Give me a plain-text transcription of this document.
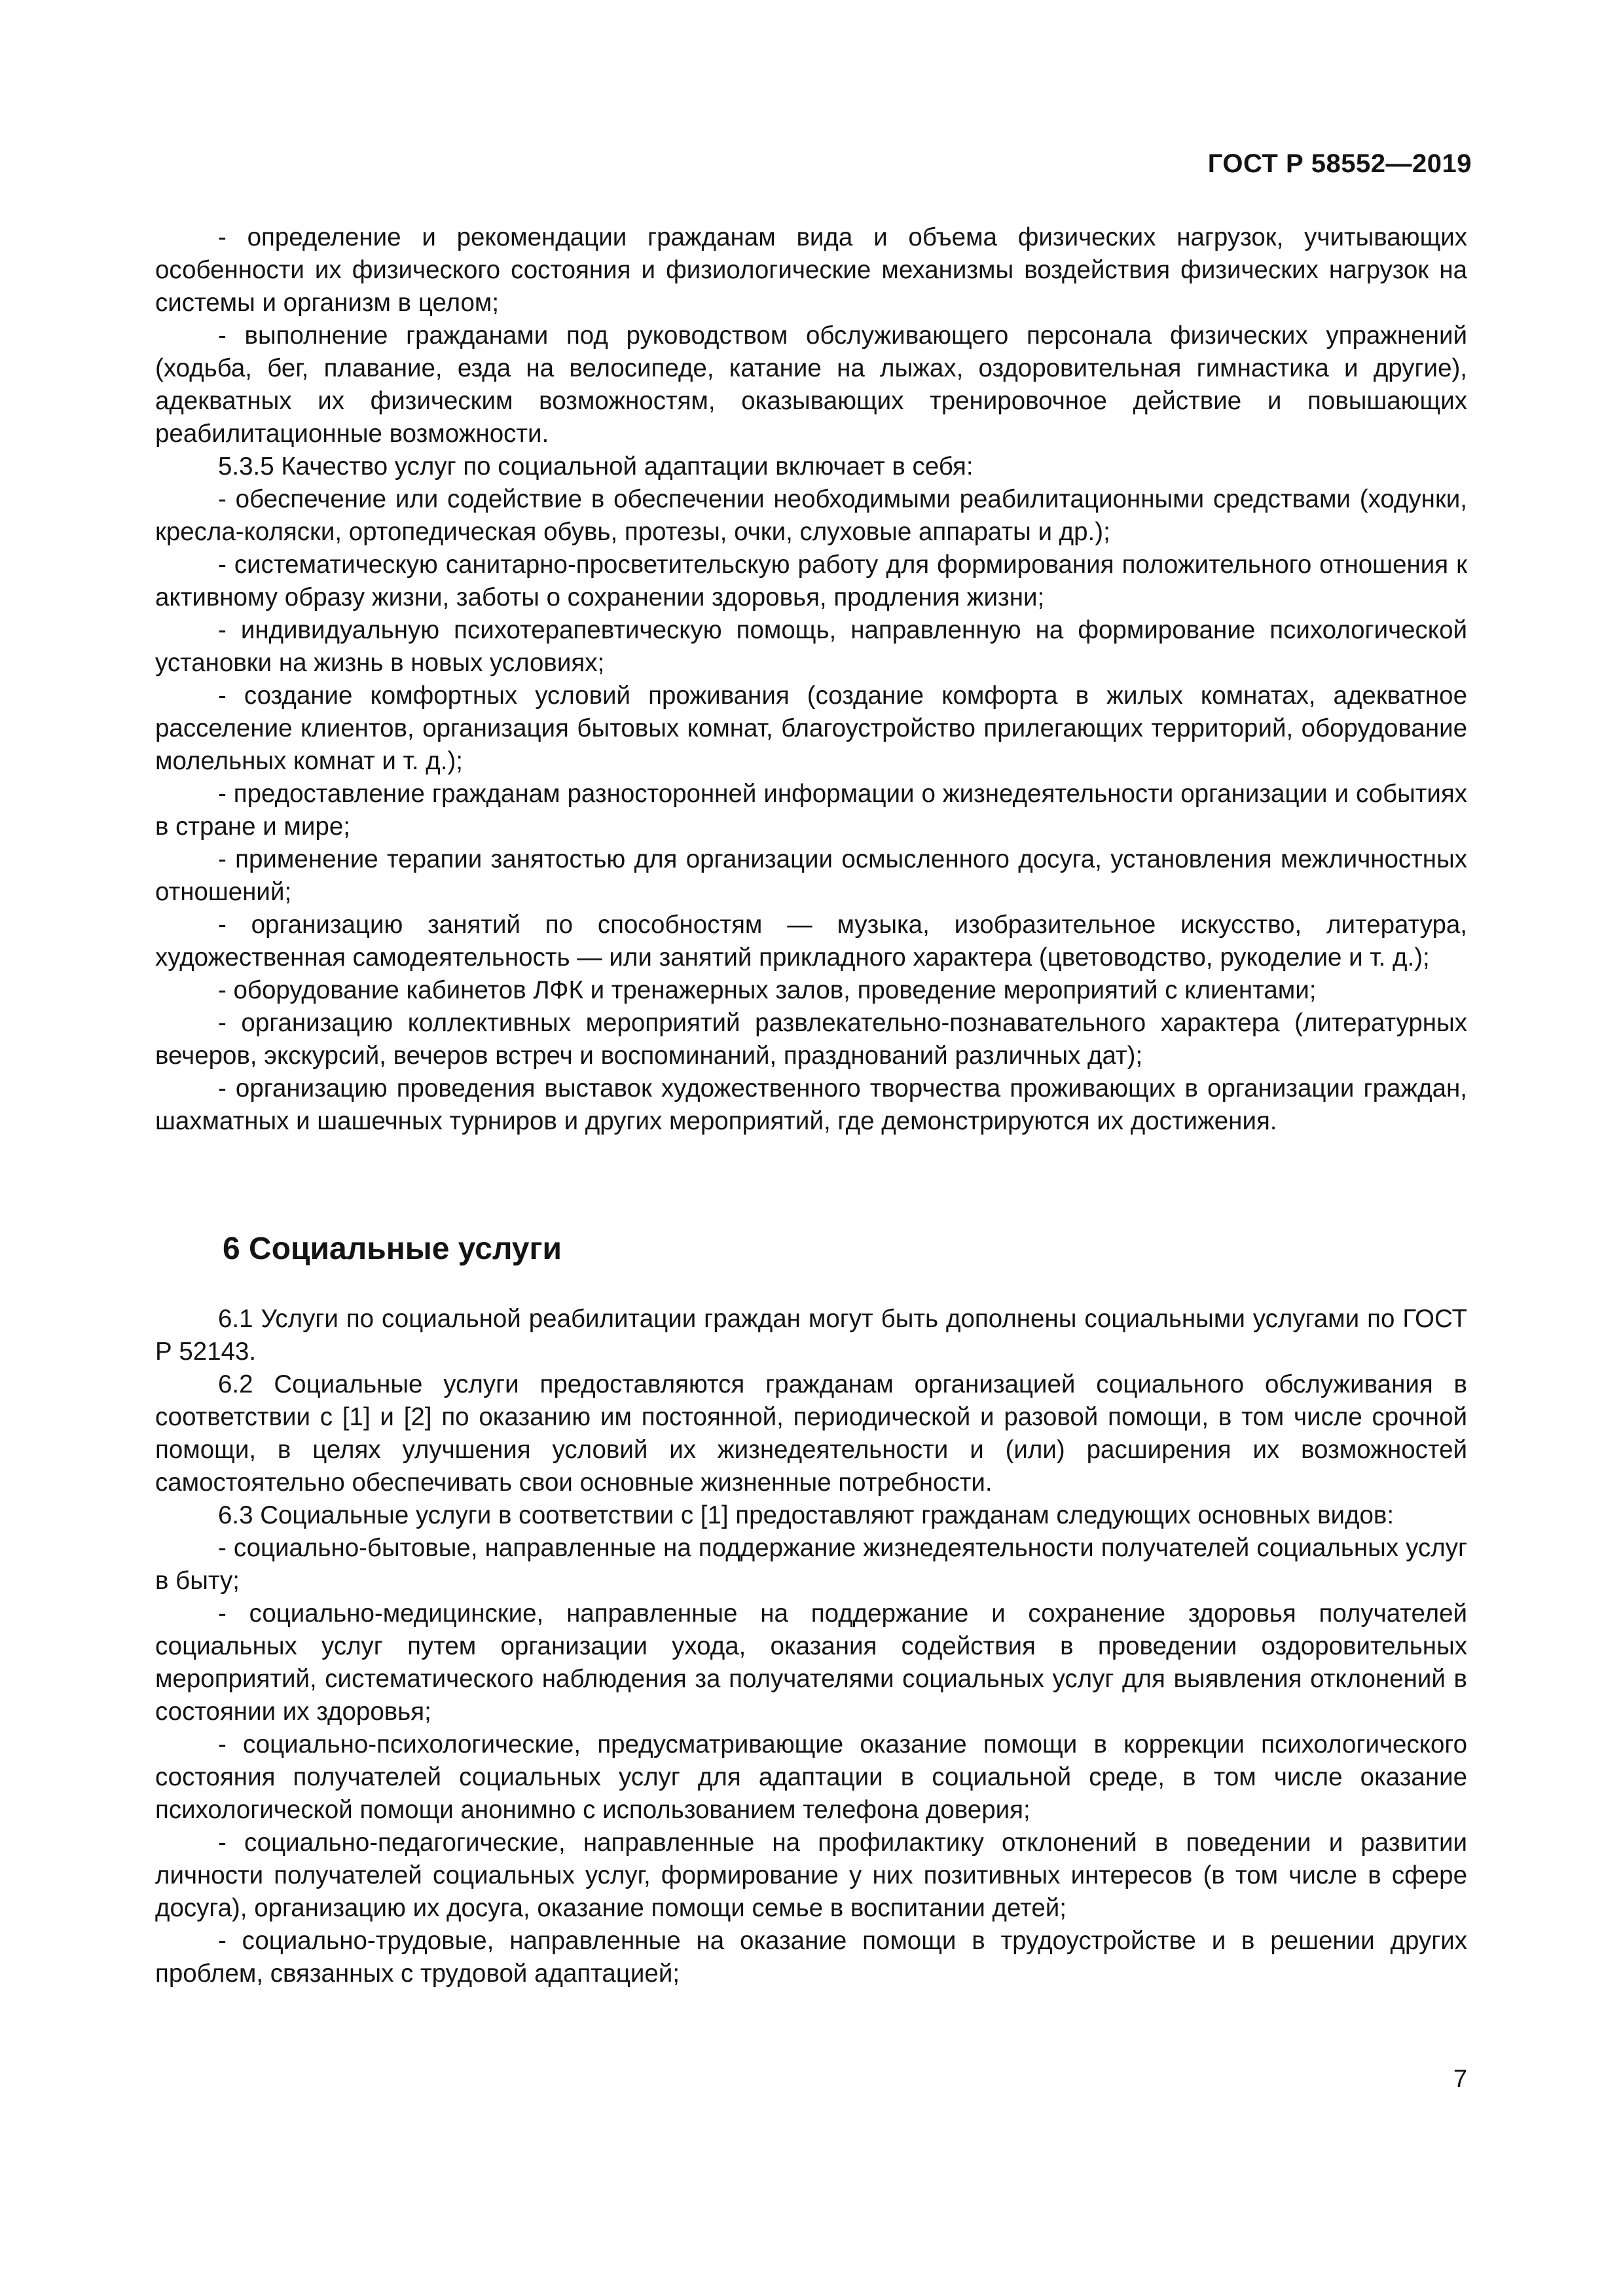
ГОСТ Р 58552—2019

- определение и рекомендации гражданам вида и объема физических нагрузок, учитывающих особенности их физического состояния и физиологические механизмы воздействия физических нагрузок на системы и организм в целом;

- выполнение гражданами под руководством обслуживающего персонала физических упражнений (ходьба, бег, плавание, езда на велосипеде, катание на лыжах, оздоровительная гимнастика и другие), адекватных их физическим возможностям, оказывающих тренировочное действие и повышающих реабилитационные возможности.

5.3.5 Качество услуг по социальной адаптации включает в себя:

- обеспечение или содействие в обеспечении необходимыми реабилитационными средствами (ходунки, кресла-коляски, ортопедическая обувь, протезы, очки, слуховые аппараты и др.);

- систематическую санитарно-просветительскую работу для формирования положительного отношения к активному образу жизни, заботы о сохранении здоровья, продления жизни;

- индивидуальную психотерапевтическую помощь, направленную на формирование психологической установки на жизнь в новых условиях;

- создание комфортных условий проживания (создание комфорта в жилых комнатах, адекватное расселение клиентов, организация бытовых комнат, благоустройство прилегающих территорий, оборудование молельных комнат и т. д.);

- предоставление гражданам разносторонней информации о жизнедеятельности организации и событиях в стране и мире;

- применение терапии занятостью для организации осмысленного досуга, установления межличностных отношений;

- организацию занятий по способностям — музыка, изобразительное искусство, литература, художественная самодеятельность — или занятий прикладного характера (цветоводство, рукоделие и т. д.);

- оборудование кабинетов ЛФК и тренажерных залов, проведение мероприятий с клиентами;

- организацию коллективных мероприятий развлекательно-познавательного характера (литературных вечеров, экскурсий, вечеров встреч и воспоминаний, празднований различных дат);

- организацию проведения выставок художественного творчества проживающих в организации граждан, шахматных и шашечных турниров и других мероприятий, где демонстрируются их достижения.

6 Социальные услуги

6.1 Услуги по социальной реабилитации граждан могут быть дополнены социальными услугами по ГОСТ Р 52143.

6.2 Социальные услуги предоставляются гражданам организацией социального обслуживания в соответствии с [1] и [2] по оказанию им постоянной, периодической и разовой помощи, в том числе срочной помощи, в целях улучшения условий их жизнедеятельности и (или) расширения их возможностей самостоятельно обеспечивать свои основные жизненные потребности.

6.3 Социальные услуги в соответствии с [1] предоставляют гражданам следующих основных видов:

- социально-бытовые, направленные на поддержание жизнедеятельности получателей социальных услуг в быту;

- социально-медицинские, направленные на поддержание и сохранение здоровья получателей социальных услуг путем организации ухода, оказания содействия в проведении оздоровительных мероприятий, систематического наблюдения за получателями социальных услуг для выявления отклонений в состоянии их здоровья;

- социально-психологические, предусматривающие оказание помощи в коррекции психологического состояния получателей социальных услуг для адаптации в социальной среде, в том числе оказание психологической помощи анонимно с использованием телефона доверия;

- социально-педагогические, направленные на профилактику отклонений в поведении и развитии личности получателей социальных услуг, формирование у них позитивных интересов (в том числе в сфере досуга), организацию их досуга, оказание помощи семье в воспитании детей;

- социально-трудовые, направленные на оказание помощи в трудоустройстве и в решении других проблем, связанных с трудовой адаптацией;

7
